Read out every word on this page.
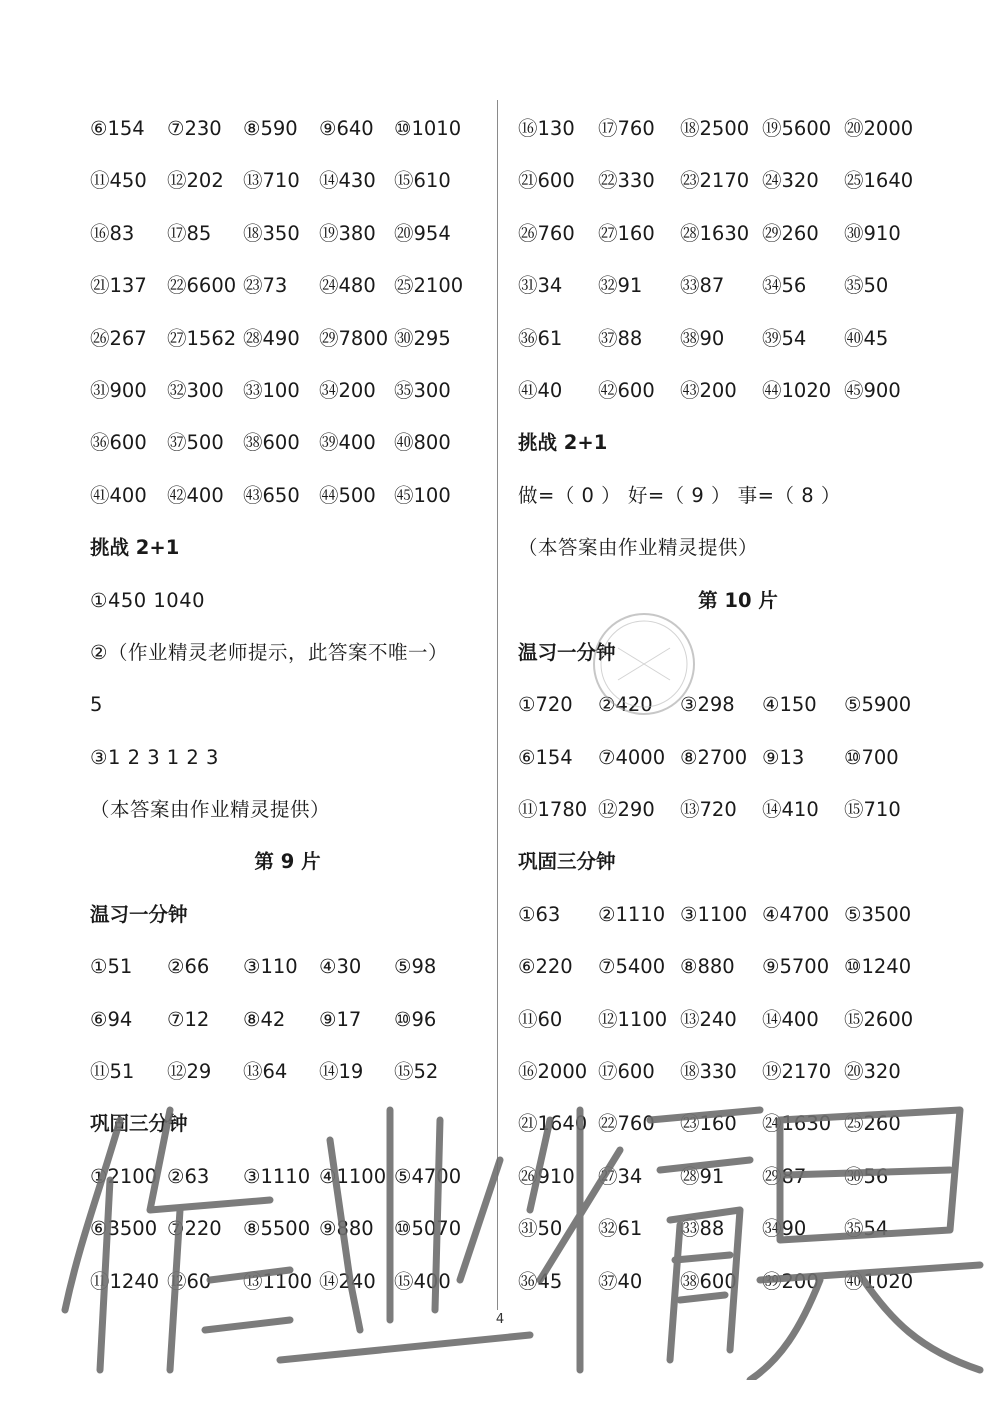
⑥154 ⑦230 ⑧590 ⑨640 ⑩1010
⑪450 ⑫202 ⑬710 ⑭430 ⑮610
⑯83 ⑰85 ⑱350 ⑲380 ⑳954
㉑137 ㉒6600 ㉓73 ㉔480 ㉕2100
㉖267 ㉗1562 ㉘490 ㉙7800 ㉚295
㉛900 ㉜300 ㉝100 ㉞200 ㉟300
㊱600 ㊲500 ㊳600 ㊴400 ㊵800
㊶400 ㊷400 ㊸650 ㊹500 ㊺100
挑战 2+1
①450 1040
②（作业精灵老师提示，此答案不唯一）
5
③1 2 3 1 2 3
（本答案由作业精灵提供）
第 9 片
温习一分钟
①51 ②66 ③110 ④30 ⑤98
⑥94 ⑦12 ⑧42 ⑨17 ⑩96
⑪51 ⑫29 ⑬64 ⑭19 ⑮52
巩固三分钟
①2100 ②63 ③1110 ④1100 ⑤4700
⑥3500 ⑦220 ⑧5500 ⑨880 ⑩5070
⑪1240 ⑫60 ⑬1100 ⑭240 ⑮400
⑯130 ⑰760 ⑱2500 ⑲5600 ⑳2000
㉑600 ㉒330 ㉓2170 ㉔320 ㉕1640
㉖760 ㉗160 ㉘1630 ㉙260 ㉚910
㉛34 ㉜91 ㉝87 ㉞56 ㉟50
㊱61 ㊲88 ㊳90 ㊴54 ㊵45
㊶40 ㊷600 ㊸200 ㊹1020 ㊺900
挑战 2+1
做=（ 0 ） 好=（ 9 ） 事=（ 8 ）
（本答案由作业精灵提供）
第 10 片
温习一分钟
①720 ②420 ③298 ④150 ⑤5900
⑥154 ⑦4000 ⑧2700 ⑨13 ⑩700
⑪1780 ⑫290 ⑬720 ⑭410 ⑮710
巩固三分钟
①63 ②1110 ③1100 ④4700 ⑤3500
⑥220 ⑦5400 ⑧880 ⑨5700 ⑩1240
⑪60 ⑫1100 ⑬240 ⑭400 ⑮2600
⑯2000 ⑰600 ⑱330 ⑲2170 ⑳320
㉑1640 ㉒760 ㉓160 ㉔1630 ㉕260
㉖910 ㉗34 ㉘91 ㉙87 ㉚56
㉛50 ㉜61 ㉝88 ㉞90 ㉟54
㊱45 ㊲40 ㊳600 ㊴200 ㊵1020
4
